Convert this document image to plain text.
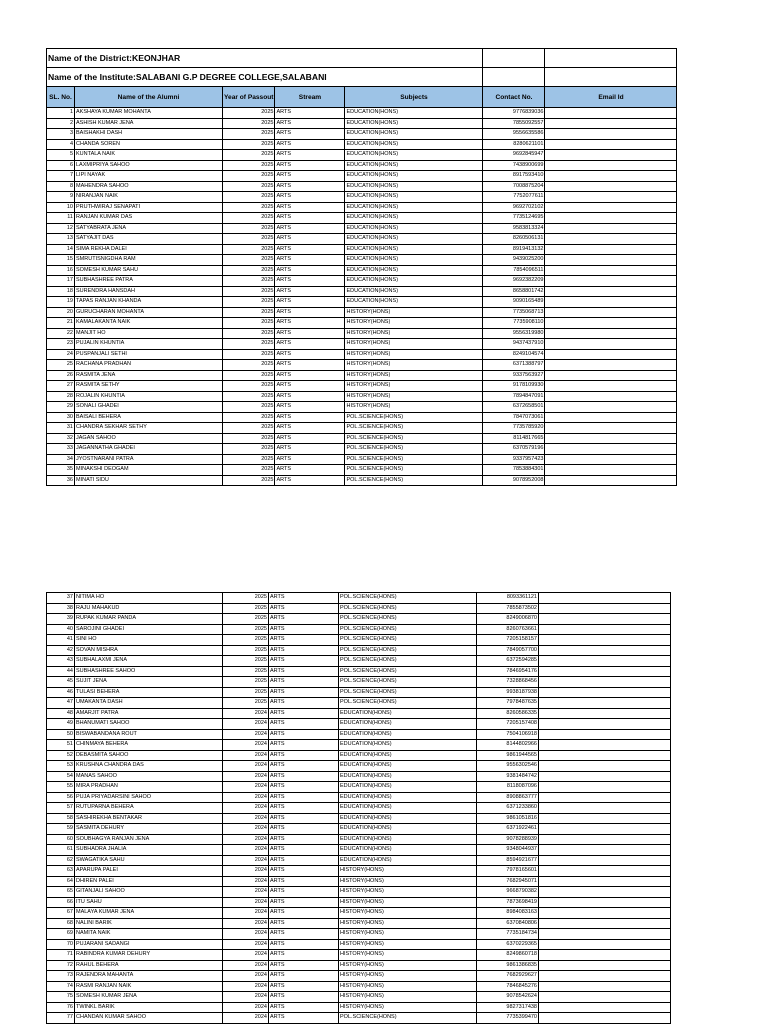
Name of the District:KEONJHAR						
Name of the Institute:SALABANI G.P DEGREE COLLEGE,SALABANI						
SL. No.	Name of the Alumni	Year of Passout	Stream	Subjects	Contact No.	Email Id
1	AKSHAYA KUMAR MOHANTA	2025	ARTS	EDUCATION(HONS)	9776839036	
2	ASHISH KUMAR JENA	2025	ARTS	EDUCATION(HONS)	7855092557	
3	BAISHAKHI DASH	2025	ARTS	EDUCATION(HONS)	9556635586	
4	CHANDA SOREN	2025	ARTS	EDUCATION(HONS)	8280621101	
5	KUNTALA NAIK	2025	ARTS	EDUCATION(HONS)	9692845947	
6	LAXMIPRIYA SAHOO	2025	ARTS	EDUCATION(HONS)	7438900699	
7	LIPI NAYAK	2025	ARTS	EDUCATION(HONS)	8917593410	
8	MAHENDRA SAHOO	2025	ARTS	EDUCATION(HONS)	7008875204	
9	NIRANJAN NAIK	2025	ARTS	EDUCATION(HONS)	7752077611	
10	PRUTHWIRAJ SENAPATI	2025	ARTS	EDUCATION(HONS)	9692702102	
11	RANJAN KUMAR DAS	2025	ARTS	EDUCATION(HONS)	7735124695	
12	SATYABRATA JENA	2025	ARTS	EDUCATION(HONS)	9583813324	
13	SATYAJIT DAS	2025	ARTS	EDUCATION(HONS)	8260506131	
14	SIMA REKHA DALEI	2025	ARTS	EDUCATION(HONS)	8919413132	
15	SMRUTISNIGDHA RAM	2025	ARTS	EDUCATION(HONS)	9439025200	
16	SOMESH KUMAR SAHU	2025	ARTS	EDUCATION(HONS)	7854096511	
17	SUBHASHREE PATRA	2025	ARTS	EDUCATION(HONS)	9692382209	
18	SURENDRA HANSDAH	2025	ARTS	EDUCATION(HONS)	8658801742	
19	TAPAS RANJAN KHANDA	2025	ARTS	EDUCATION(HONS)	9090165489	
20	GURUCHARAN MOHANTA	2025	ARTS	HISTORY(HONS)	7735068713	
21	KAMALAKANTA NAIK	2025	ARTS	HISTORY(HONS)	7735908110	
22	MANJIT HO	2025	ARTS	HISTORY(HONS)	9556319980	
23	PUJALIN KHUNTIA	2025	ARTS	HISTORY(HONS)	9437437910	
24	PUSPANJALI SETHI	2025	ARTS	HISTORY(HONS)	8249104574	
25	RACHANA PRADHAN	2025	ARTS	HISTORY(HONS)	6371388797	
26	RASMITA JENA	2025	ARTS	HISTORY(HONS)	9337563927	
27	RASMITA SETHY	2025	ARTS	HISTORY(HONS)	9178109930	
28	ROJALIN KHUNTIA	2025	ARTS	HISTORY(HONS)	7894847091	
29	SONALI GHADEI	2025	ARTS	HISTORY(HONS)	6372658501	
30	BAISALI BEHERA	2025	ARTS	POL.SCIENCE(HONS)	7847073061	
31	CHANDRA SEKHAR SETHY	2025	ARTS	POL.SCIENCE(HONS)	7735785920	
32	JAGAN SAHOO	2025	ARTS	POL.SCIENCE(HONS)	8114817665	
33	JAGANNATHA GHADEI	2025	ARTS	POL.SCIENCE(HONS)	6370579196	
34	JYOSTNARANI PATRA	2025	ARTS	POL.SCIENCE(HONS)	9337957423	
35	MINAKSHI DEOGAM	2025	ARTS	POL.SCIENCE(HONS)	7853884301	
36	MINATI SIDU	2025	ARTS	POL.SCIENCE(HONS)	9078952008	
37	NITIMA HO	2025	ARTS	POL.SCIENCE(HONS)	8093361121	
38	RAJU MAHAKUD	2025	ARTS	POL.SCIENCE(HONS)	7855873502	
39	RUPAK KUMAR PANDA	2025	ARTS	POL.SCIENCE(HONS)	8249006870	
40	SAROJINI GHADEI	2025	ARTS	POL.SCIENCE(HONS)	8260763661	
41	SINI HO	2025	ARTS	POL.SCIENCE(HONS)	7205158157	
42	SOVAN MISHRA	2025	ARTS	POL.SCIENCE(HONS)	7849057700	
43	SUBHALAXMI JENA	2025	ARTS	POL.SCIENCE(HONS)	6372594285	
44	SUBHASHREE SAHOO	2025	ARTS	POL.SCIENCE(HONS)	7846954176	
45	SUJIT JENA	2025	ARTS	POL.SCIENCE(HONS)	7328868456	
46	TULASI BEHERA	2025	ARTS	POL.SCIENCE(HONS)	9938187938	
47	UMAKANTA DASH	2025	ARTS	POL.SCIENCE(HONS)	7978487635	
48	AMARJIT PATRA	2024	ARTS	EDUCATION(HONS)	8260586335	
49	BHANUMATI SAHOO	2024	ARTS	EDUCATION(HONS)	7205157408	
50	BISWABANDANA ROUT	2024	ARTS	EDUCATION(HONS)	7504106918	
51	CHINMAYA BEHERA	2024	ARTS	EDUCATION(HONS)	8144802966	
52	DEBASMITA SAHOO	2024	ARTS	EDUCATION(HONS)	9861944565	
53	KRUSHNA CHANDRA DAS	2024	ARTS	EDUCATION(HONS)	9556302546	
54	MANAS SAHOO	2024	ARTS	EDUCATION(HONS)	9381484742	
55	MIRA PRADHAN	2024	ARTS	EDUCATION(HONS)	8118087096	
56	PUJA PRIYADARSINI SAHOO	2024	ARTS	EDUCATION(HONS)	8908863777	
57	RUTUPARNA BEHERA	2024	ARTS	EDUCATION(HONS)	6371233860	
58	SASHIREKHA BENTAKAR	2024	ARTS	EDUCATION(HONS)	9861051816	
59	SASMITA DEHURY	2024	ARTS	EDUCATION(HONS)	6371922461	
60	SOUBHAGYA RANJAN JENA	2024	ARTS	EDUCATION(HONS)	9078288939	
61	SUBHADRA JHALIA	2024	ARTS	EDUCATION(HONS)	9348044937	
62	SWAGATIKA SAHU	2024	ARTS	EDUCATION(HONS)	8594921677	
63	APARUPA PALEI	2024	ARTS	HISTORY(HONS)	7978165601	
64	DHIREN PALEI	2024	ARTS	HISTORY(HONS)	7682945071	
65	GITANJALI SAHOO	2024	ARTS	HISTORY(HONS)	9668790382	
66	ITU SAHU	2024	ARTS	HISTORY(HONS)	7873698419	
67	MALAYA KUMAR JENA	2024	ARTS	HISTORY(HONS)	8984083163	
68	NALINI BARIK	2024	ARTS	HISTORY(HONS)	6370840806	
69	NAMITA NAIK	2024	ARTS	HISTORY(HONS)	7735184734	
70	PUJARANI SADANGI	2024	ARTS	HISTORY(HONS)	6370229365	
71	RABINDRA KUMAR DEHURY	2024	ARTS	HISTORY(HONS)	8249860718	
72	RAHUL BEHERA	2024	ARTS	HISTORY(HONS)	9861386835	
73	RAJENDRA MAHANTA	2024	ARTS	HISTORY(HONS)	7682929627	
74	RASMI RANJAN NAIK	2024	ARTS	HISTORY(HONS)	7846845276	
75	SOMESH KUMAR JENA	2024	ARTS	HISTORY(HONS)	9078542624	
76	TWINKL BARIK	2024	ARTS	HISTORY(HONS)	9827317438	
77	CHANDAN KUMAR SAHOO	2024	ARTS	POL.SCIENCE(HONS)	7735399470	
